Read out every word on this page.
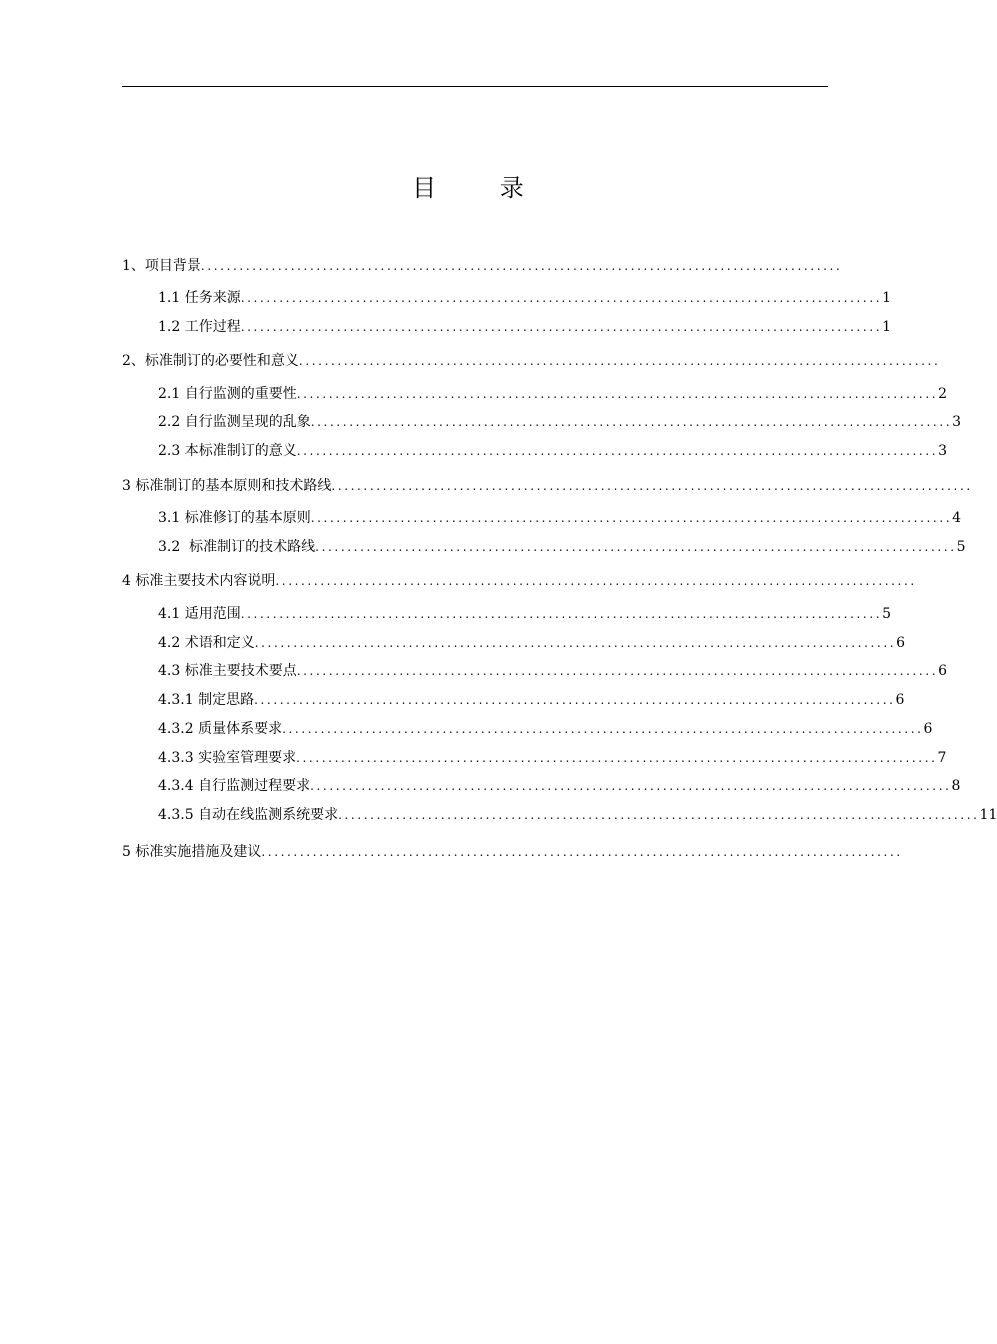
目 录
1、项目背景 ....................................................................................................
1.1 任务来源 .................................................................................................... 1
1.2 工作过程 .................................................................................................... 1
2、标准制订的必要性和意义 ....................................................................................................
2.1 自行监测的重要性 .................................................................................................... 2
2.2 自行监测呈现的乱象 .................................................................................................... 3
2.3 本标准制订的意义 .................................................................................................... 3
3 标准制订的基本原则和技术路线 ....................................................................................................
3.1 标准修订的基本原则 .................................................................................................... 4
3.2  标准制订的技术路线 .................................................................................................... 5
4 标准主要技术内容说明 ....................................................................................................
4.1 适用范围 .................................................................................................... 5
4.2 术语和定义 .................................................................................................... 6
4.3 标准主要技术要点 .................................................................................................... 6
4.3.1 制定思路 .................................................................................................... 6
4.3.2 质量体系要求 .................................................................................................... 6
4.3.3 实验室管理要求 .................................................................................................... 7
4.3.4 自行监测过程要求 .................................................................................................... 8
4.3.5 自动在线监测系统要求 .................................................................................................... 11
5 标准实施措施及建议 ....................................................................................................
